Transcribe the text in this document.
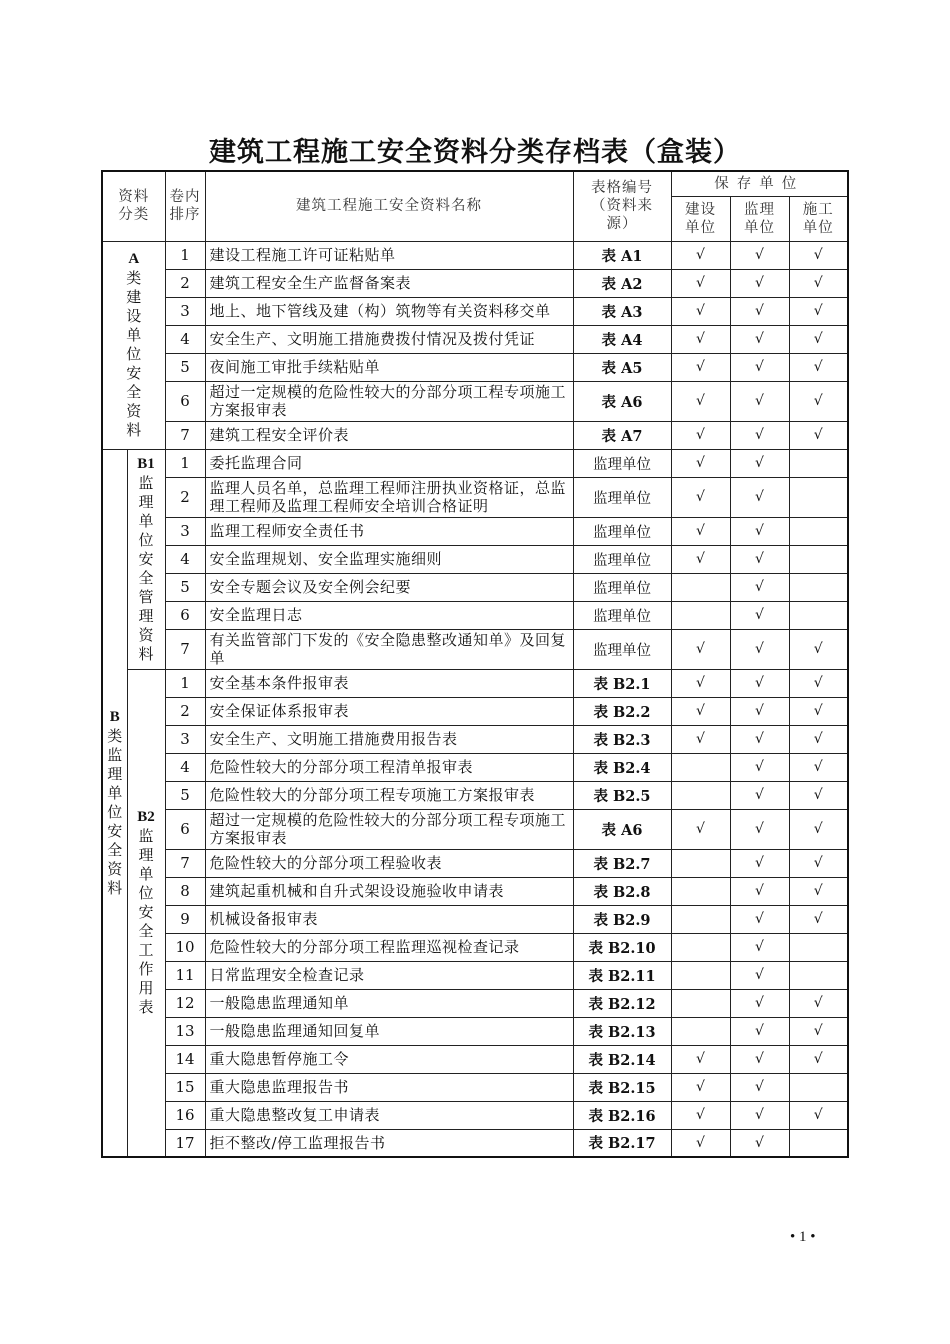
建筑工程施工安全资料分类存档表（盒装）
资料分类		卷内排序	建筑工程施工安全资料名称	表格编号（资料来源）	保存单位		
					建设单位	监理单位	施工单位

A
类建设单位安全资料		1	建设工程施工许可证粘贴单	表 A1	√	√	√
		2	建筑工程安全生产监督备案表	表 A2	√	√	√
		3	地上、地下管线及建（构）筑物等有关资料移交单	表 A3	√	√	√
		4	安全生产、文明施工措施费拨付情况及拨付凭证	表 A4	√	√	√
		5	夜间施工审批手续粘贴单	表 A5	√	√	√
		6	超过一定规模的危险性较大的分部分项工程专项施工方案报审表	表 A6	√	√	√
		7	建筑工程安全评价表	表 A7	√	√	√

B
类监理单位安全资料	B1
监理单位安全管理资料	1	委托监理合同	监理单位	√	√	
		2	监理人员名单，总监理工程师注册执业资格证，总监理工程师及监理工程师安全培训合格证明	监理单位	√	√	
		3	监理工程师安全责任书	监理单位	√	√	
		4	安全监理规划、安全监理实施细则	监理单位	√	√	
		5	安全专题会议及安全例会纪要	监理单位		√	
		6	安全监理日志	监理单位		√	
		7	有关监管部门下发的《安全隐患整改通知单》及回复单	监理单位	√	√	√

	B2
监理单位安全工作用表	1	安全基本条件报审表	表 B2.1	√	√	√
		2	安全保证体系报审表	表 B2.2	√	√	√
		3	安全生产、文明施工措施费用报告表	表 B2.3	√	√	√
		4	危险性较大的分部分项工程清单报审表	表 B2.4		√	√
		5	危险性较大的分部分项工程专项施工方案报审表	表 B2.5		√	√
		6	超过一定规模的危险性较大的分部分项工程专项施工方案报审表	表 A6	√	√	√
		7	危险性较大的分部分项工程验收表	表 B2.7		√	√
		8	建筑起重机械和自升式架设设施验收申请表	表 B2.8		√	√
		9	机械设备报审表	表 B2.9		√	√
		10	危险性较大的分部分项工程监理巡视检查记录	表 B2.10		√	
		11	日常监理安全检查记录	表 B2.11		√	
		12	一般隐患监理通知单	表 B2.12		√	√
		13	一般隐患监理通知回复单	表 B2.13		√	√
		14	重大隐患暂停施工令	表 B2.14	√	√	√
		15	重大隐患监理报告书	表 B2.15	√	√	
		16	重大隐患整改复工申请表	表 B2.16	√	√	√
		17	拒不整改/停工监理报告书	表 B2.17	√	√	
• 1 •
